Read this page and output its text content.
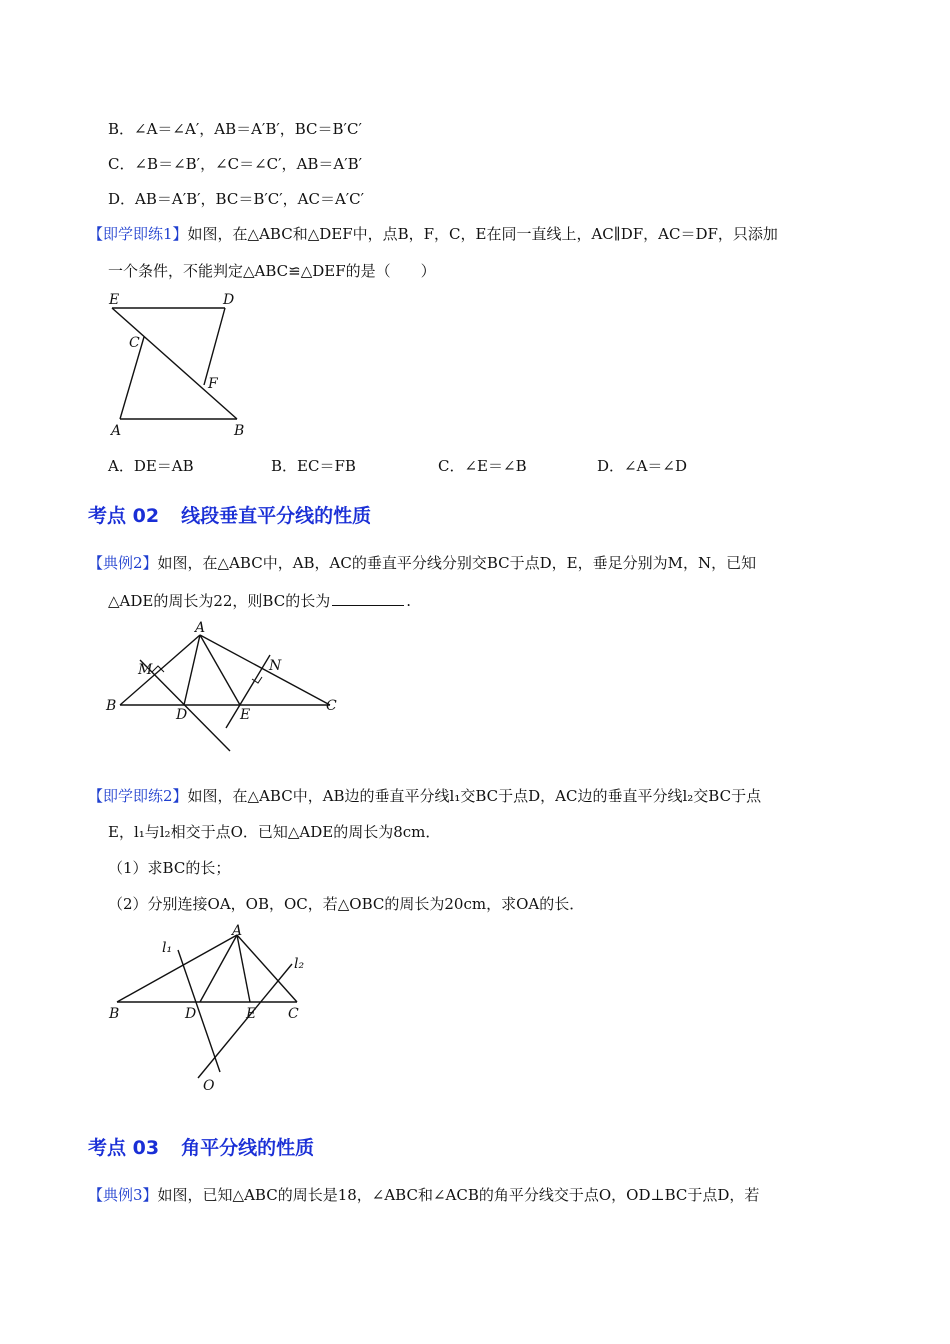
B．∠A＝∠A′，AB＝A′B′，BC＝B′C′
C．∠B＝∠B′，∠C＝∠C′，AB＝A′B′
D．AB＝A′B′，BC＝B′C′，AC＝A′C′
【即学即练1】如图，在△ABC和△DEF中，点B，F，C，E在同一直线上，AC∥DF，AC＝DF，只添加
一个条件，不能判定△ABC≌△DEF的是（　　）
E	D
C
F
A	B
A．DE＝AB	B．EC＝FB	C．∠E＝∠B	D．∠A＝∠D
考点 02 线段垂直平分线的性质
【典例2】如图，在△ABC中，AB，AC的垂直平分线分别交BC于点D，E，垂足分别为M，N，已知
△ADE的周长为22，则BC的长为	.
A
M	N
B
D	E
C
【即学即练2】如图，在△ABC中，AB边的垂直平分线l₁交BC于点D，AC边的垂直平分线l₂交BC于点
E，l₁与l₂相交于点O．已知△ADE的周长为8cm．
（1）求BC的长；
（2）分别连接OA，OB，OC，若△OBC的周长为20cm，求OA的长．
A
l₁
l₂
B	D	E C
O
考点 03 角平分线的性质
【典例3】如图，已知△ABC的周长是18，∠ABC和∠ACB的角平分线交于点O，OD⊥BC于点D，若
